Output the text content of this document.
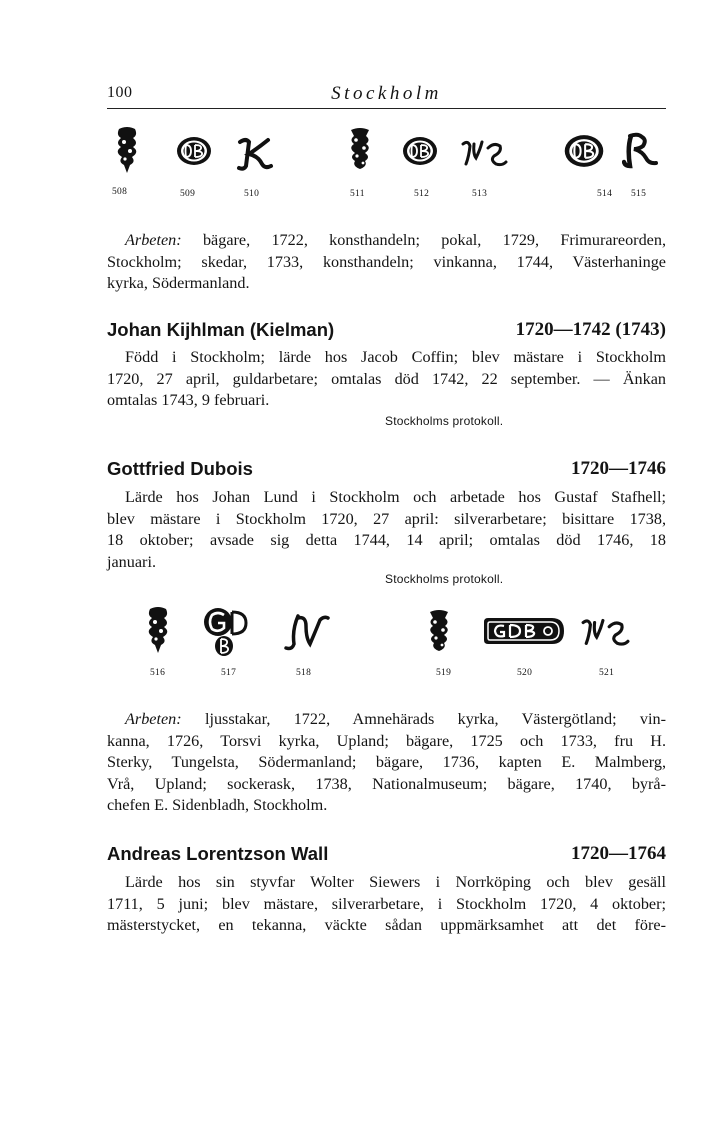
100	Stockholm
508	509	510	511	512	513	514 515

Arbeten: bägare, 1722, konsthandeln; pokal, 1729, Frimurareorden,
Stockholm; skedar, 1733, konsthandeln; vinkanna, 1744, Västerhaninge
kyrka, Södermanland.

Johan Kijhlman (Kielman)	1720—1742 (1743)

Född i Stockholm; lärde hos Jacob Coffin; blev mästare i Stockholm
1720, 27 april, guldarbetare; omtalas död 1742, 22 september. — Änkan
omtalas 1743, 9 februari.

Stockholms protokoll.
Gottfried Dubois	1720—1746

Lärde hos Johan Lund i Stockholm och arbetade hos Gustaf Stafhell;
blev mästare i Stockholm 1720, 27 april: silverarbetare; bisittare 1738,
18 oktober; avsade sig detta 1744, 14 april; omtalas död 1746, 18
januari.

Stockholms protokoll.
516	517	518	519	520	521

Arbeten: ljusstakar, 1722, Amnehärads kyrka, Västergötland; vin-
kanna, 1726, Torsvi kyrka, Upland; bägare, 1725 och 1733, fru H.
Sterky, Tungelsta, Södermanland; bägare, 1736, kapten E. Malmberg,
Vrå, Upland; sockerask, 1738, Nationalmuseum; bägare, 1740, byrå-
chefen E. Sidenbladh, Stockholm.

Andreas Lorentzson Wall	1720—1764

Lärde hos sin styvfar Wolter Siewers i Norrköping och blev gesäll
1711, 5 juni; blev mästare, silverarbetare, i Stockholm 1720, 4 oktober;
mästerstycket, en tekanna, väckte sådan uppmärksamhet att det före-
